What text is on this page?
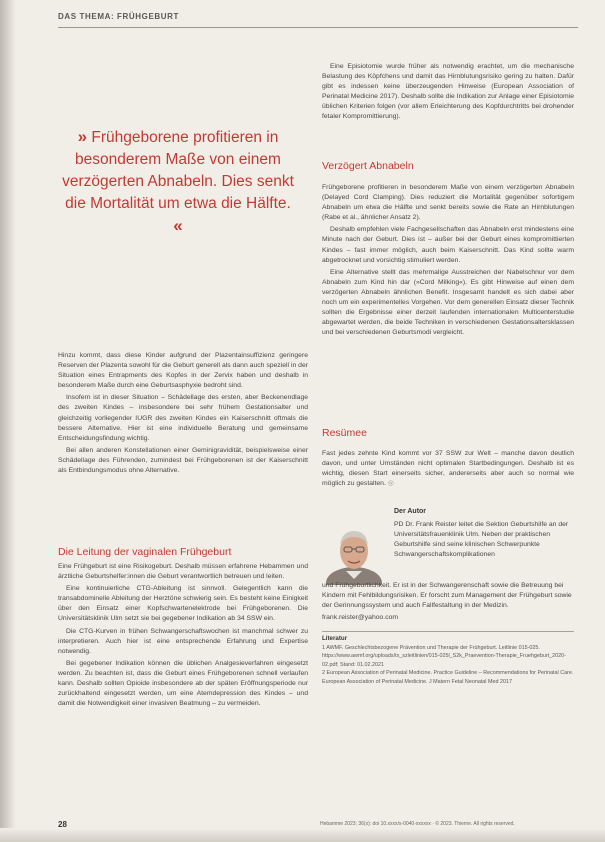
DAS THEMA: FRÜHGEBURT
» Frühgeborene profitieren in besonderem Maße von einem verzögerten Abnabeln. Dies senkt die Mortalität um etwa die Hälfte. «

Hinzu kommt, dass diese Kinder aufgrund der Plazentainsuffizienz geringere Reserven der Plazenta sowohl für die Geburt generell als dann auch speziell in der Situation eines Entrapments des Kopfes in der Zervix haben und deshalb in besonderem Maße durch eine Geburtsasphyxie bedroht sind.

Insofern ist in dieser Situation – Schädellage des ersten, aber Beckenendlage des zweiten Kindes – insbesondere bei sehr frühem Gestationsalter und gleichzeitig vorliegender IUGR des zweiten Kindes ein Kaiserschnitt oftmals die bessere Alternative. Hier ist eine individuelle Beratung und gemeinsame Entscheidungsfindung wichtig.

Bei allen anderen Konstellationen einer Geminigravidität, beispielsweise einer Schädellage des Führenden, zumindest bei Frühgeborenen ist der Kaiserschnitt als Entbindungsmodus ohne Alternative.

Die Leitung der vaginalen Frühgeburt

Eine Frühgeburt ist eine Risikogeburt. Deshalb müssen erfahrene Hebammen und ärztliche Geburtshelfer:innen die Geburt verantwortlich betreuen und leiten.

Eine kontinuierliche CTG-Ableitung ist sinnvoll. Gelegentlich kann die transabdominelle Ableitung der Herztöne schwierig sein. Es besteht keine Einigkeit über den Einsatz einer Kopfschwartenelektrode bei Frühgeborenen. Die Universitätsklinik Ulm setzt sie bei gegebener Indikation ab 34 SSW ein.

Die CTG-Kurven in frühen Schwangerschaftswochen ist manchmal schwer zu interpretieren. Auch hier ist eine entsprechende Erfahrung und Expertise notwendig.

Bei gegebener Indikation können die üblichen Analgesieverfahren eingesetzt werden. Zu beachten ist, dass die Geburt eines Frühgeborenen schnell verlaufen kann. Deshalb sollten Opioide insbesondere ab der späten Eröffnungsperiode nur zurückhaltend eingesetzt werden, um eine Atemdepression des Kindes – und damit die Notwendigkeit einer invasiven Beatmung – zu vermeiden.

Eine Episiotomie wurde früher als notwendig erachtet, um die mechanische Belastung des Köpfchens und damit das Hirnblutungsrisiko gering zu halten. Dafür gibt es indessen keine überzeugenden Hinweise (European Association of Perinatal Medicine 2017). Deshalb sollte die Indikation zur Anlage einer Episiotomie üblichen Kriterien folgen (vor allem Erleichterung des Kopfdurchtritts bei drohender fetaler Kompromittierung).

Verzögert Abnabeln

Frühgeborene profitieren in besonderem Maße von einem verzögerten Abnabeln (Delayed Cord Clamping). Dies reduziert die Mortalität gegenüber sofortigem Abnabeln um etwa die Hälfte und senkt bereits sowie die Rate an Hirnblutungen (Rabe et al., ähnlicher Ansatz 2).

Deshalb empfehlen viele Fachgesellschaften das Abnabeln erst mindestens eine Minute nach der Geburt. Dies ist – außer bei der Geburt eines kompromittierten Kindes – fast immer möglich, auch beim Kaiserschnitt. Das Kind sollte warm abgetrocknet und vorsichtig stimuliert werden.

Eine Alternative stellt das mehrmalige Ausstreichen der Nabelschnur vor dem Abnabeln zum Kind hin dar (»Cord Milking«). Es gibt Hinweise auf einen dem verzögerten Abnabeln ähnlichen Benefit. Insgesamt handelt es sich dabei aber noch um ein experimentelles Vorgehen. Vor dem generellen Einsatz dieser Technik sollten die Ergebnisse einer derzeit laufenden internationalen Multicenterstudie abgewartet werden, die beide Techniken in verschiedenen Gestationsaltersklassen und bei verschiedenen Geburtsmodi vergleicht.

Resümee

Fast jedes zehnte Kind kommt vor 37 SSW zur Welt – manche davon deutlich davon, und unter Umständen nicht optimalen Startbedingungen. Deshalb ist es wichtig, diesen Start einerseits sicher, andererseits aber auch so normal wie möglich zu gestalten. ◎

Der Autor
PD Dr. Frank Reister leitet die Sektion Geburtshilfe an der Universitätsfrauenklinik Ulm. Neben der praktischen Geburtshilfe sind seine klinischen Schwerpunkte Schwangerschaftskomplikationen
und Frühgeburtlichkeit. Er ist in der Schwangerenschaft sowie die Betreuung bei Kindern mit Fehlbildungsrisiken. Er forscht zum Management der Frühgeburt sowie der Gerinnungssystem und auch Fallfestaltung in der Medizin.
frank.reister@yahoo.com
Literatur
1 AWMF. Geschlechtsbezogene Prävention und Therapie der Frühgeburt. Leitlinie 015-025. https://www.awmf.org/uploads/tx_szleitlinien/015-025l_S2k_Praevention-Therapie_Fruehgeburt_2020-02.pdf; Stand: 01.02.2021
2 European Association of Perinatal Medicine. Practice Guideline – Recommendations for Perinatal Care. European Association of Perinatal Medicine. J Matern Fetal Neonatal Med 2017
28	Hebamme 2023; 36(x): doi 10.xxxx/s-0040-xxxxxx · © 2023. Thieme. All rights reserved.
